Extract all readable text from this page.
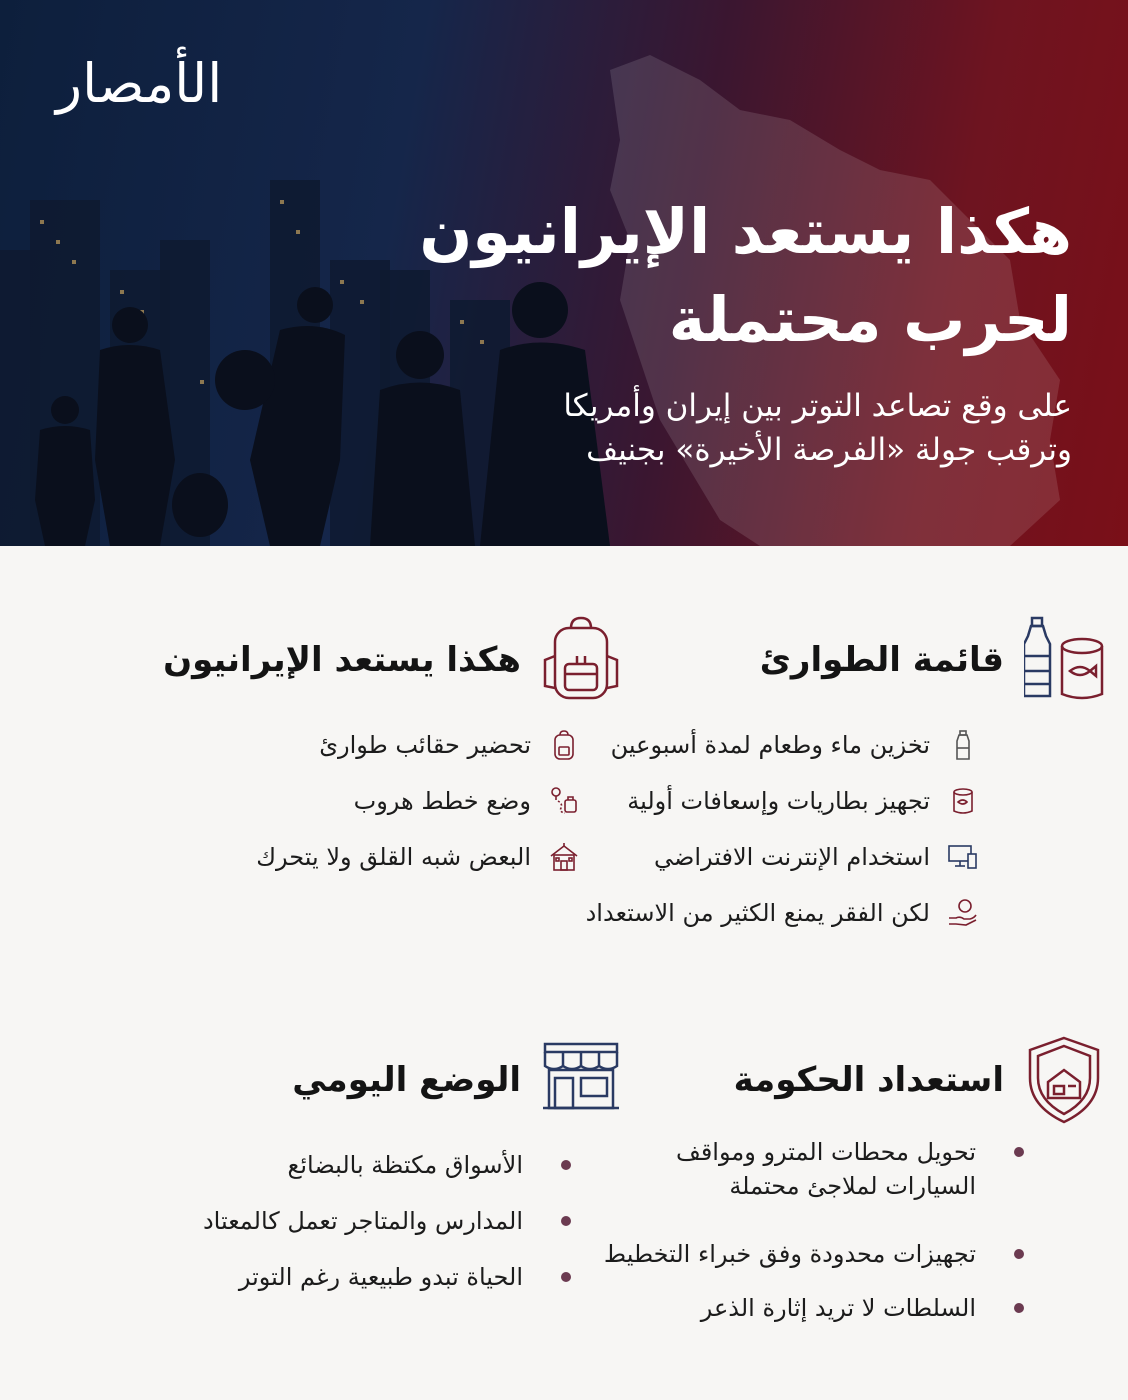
الأمصار
هكذا يستعد الإيرانيون
لحرب محتملة
على وقع تصاعد التوتر بين إيران وأمريكا
وترقب جولة «الفرصة الأخيرة» بجنيف
قائمة الطوارئ
تخزين ماء وطعام لمدة أسبوعين
تجهيز بطاريات وإسعافات أولية
استخدام الإنترنت الافتراضي
لكن الفقر يمنع الكثير من الاستعداد
هكذا يستعد الإيرانيون
تحضير حقائب طوارئ
وضع خطط هروب
البعض شبه القلق ولا يتحرك
استعداد الحكومة
تحويل محطات المترو ومواقف السيارات لملاجئ محتملة
تجهيزات محدودة وفق خبراء التخطيط
السلطات لا تريد إثارة الذعر
الوضع اليومي
الأسواق مكتظة بالبضائع
المدارس والمتاجر تعمل كالمعتاد
الحياة تبدو طبيعية رغم التوتر
